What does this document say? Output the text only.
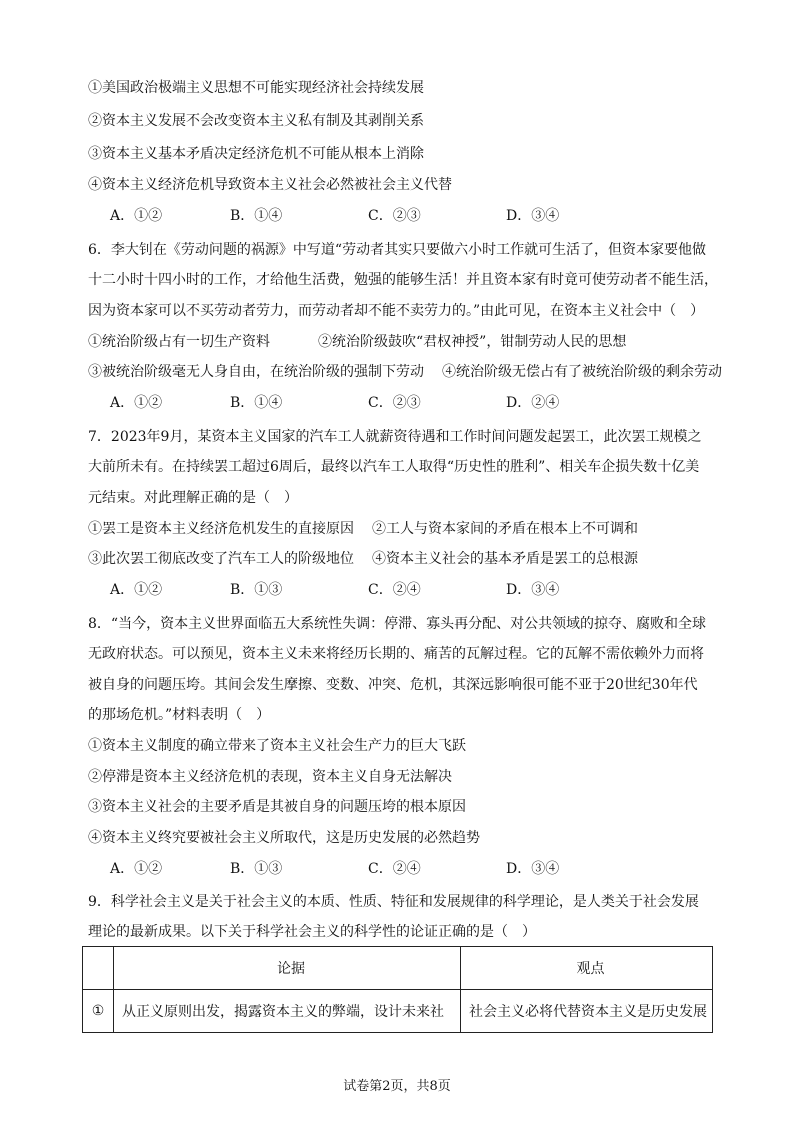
①美国政治极端主义思想不可能实现经济社会持续发展
②资本主义发展不会改变资本主义私有制及其剥削关系
③资本主义基本矛盾决定经济危机不可能从根本上消除
④资本主义经济危机导致资本主义社会必然被社会主义代替
A．①②	B．①④	C．②③	D．③④
6．李大钊在《劳动问题的祸源》中写道“劳动者其实只要做六小时工作就可生活了，但资本家要他做
十二小时十四小时的工作，才给他生活费，勉强的能够生活！并且资本家有时竟可使劳动者不能生活，
因为资本家可以不买劳动者劳力，而劳动者却不能不卖劳力的。”由此可见，在资本主义社会中（　）
①统治阶级占有一切生产资料	②统治阶级鼓吹“君权神授”，钳制劳动人民的思想
③被统治阶级毫无人身自由，在统治阶级的强制下劳动 ④统治阶级无偿占有了被统治阶级的剩余劳动
A．①②	B．①④	C．②③	D．②④
7．2023年9月，某资本主义国家的汽车工人就薪资待遇和工作时间问题发起罢工，此次罢工规模之
大前所未有。在持续罢工超过6周后，最终以汽车工人取得“历史性的胜利”、相关车企损失数十亿美
元结束。对此理解正确的是（　）
①罢工是资本主义经济危机发生的直接原因 ②工人与资本家间的矛盾在根本上不可调和
③此次罢工彻底改变了汽车工人的阶级地位 ④资本主义社会的基本矛盾是罢工的总根源
A．①②	B．①③	C．②④	D．③④
8．“当今，资本主义世界面临五大系统性失调：停滞、寡头再分配、对公共领域的掠夺、腐败和全球
无政府状态。可以预见，资本主义未来将经历长期的、痛苦的瓦解过程。它的瓦解不需依赖外力而将
被自身的问题压垮。其间会发生摩擦、变数、冲突、危机，其深远影响很可能不亚于20世纪30年代
的那场危机。”材料表明（　）
①资本主义制度的确立带来了资本主义社会生产力的巨大飞跃
②停滞是资本主义经济危机的表现，资本主义自身无法解决
③资本主义社会的主要矛盾是其被自身的问题压垮的根本原因
④资本主义终究要被社会主义所取代，这是历史发展的必然趋势
A．①②	B．①③	C．②④	D．③④
9．科学社会主义是关于社会主义的本质、性质、特征和发展规律的科学理论，是人类关于社会发展
理论的最新成果。以下关于科学社会主义的科学性的论证正确的是（　）
	论据	观点
①	从正义原则出发，揭露资本主义的弊端，设计未来社	社会主义必将代替资本主义是历史发展
试卷第2页，共8页
